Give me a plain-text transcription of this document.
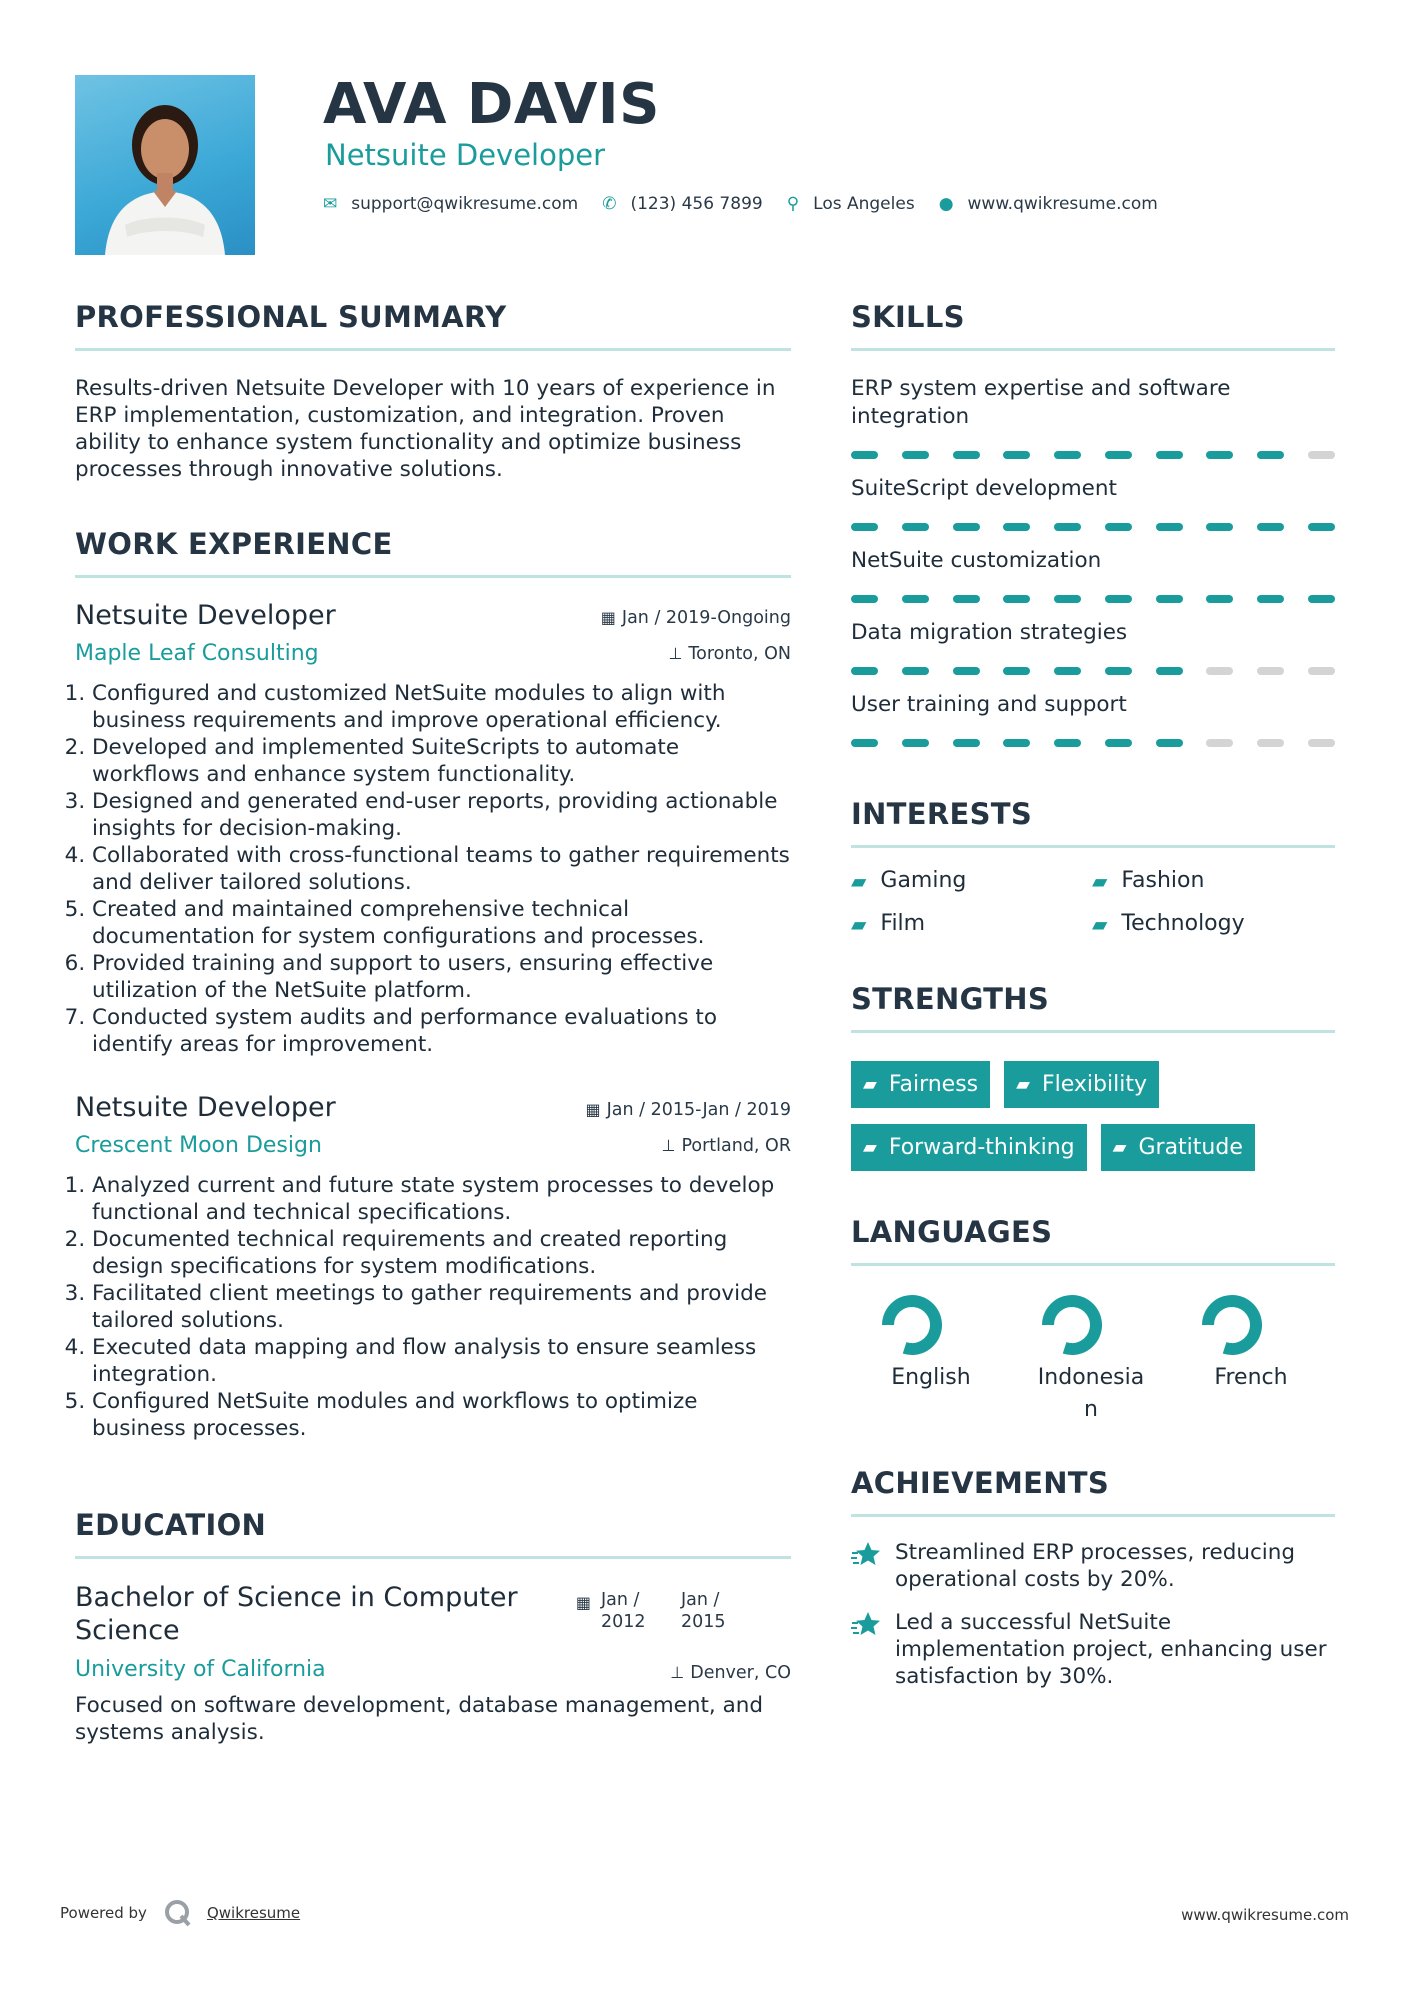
AVA DAVIS
Netsuite Developer
✉ support@qwikresume.com ✆ (123) 456 7899 ⚲ Los Angeles ● www.qwikresume.com
PROFESSIONAL SUMMARY

Results-driven Netsuite Developer with 10 years of experience in ERP implementation, customization, and integration. Proven ability to enhance system functionality and optimize business processes through innovative solutions.

WORK EXPERIENCE
Netsuite Developer
Maple Leaf Consulting
▦ Jan / 2019-Ongoing
⊥ Toronto, ON
1. Configured and customized NetSuite modules to align with business requirements and improve operational efficiency.
2. Developed and implemented SuiteScripts to automate workflows and enhance system functionality.
3. Designed and generated end-user reports, providing actionable insights for decision-making.
4. Collaborated with cross-functional teams to gather requirements and deliver tailored solutions.
5. Created and maintained comprehensive technical documentation for system configurations and processes.
6. Provided training and support to users, ensuring effective utilization of the NetSuite platform.
7. Conducted system audits and performance evaluations to identify areas for improvement.
Netsuite Developer
Crescent Moon Design
▦ Jan / 2015-Jan / 2019
⊥ Portland, OR
1. Analyzed current and future state system processes to develop functional and technical specifications.
2. Documented technical requirements and created reporting design specifications for system modifications.
3. Facilitated client meetings to gather requirements and provide tailored solutions.
4. Executed data mapping and flow analysis to ensure seamless integration.
5. Configured NetSuite modules and workflows to optimize business processes.
EDUCATION
Bachelor of Science in Computer Science
University of California
▦ Jan / 2012
Jan / 2015
⊥ Denver, CO

Focused on software development, database management, and systems analysis.

SKILLS
ERP system expertise and software integration
SuiteScript development
NetSuite customization
Data migration strategies
User training and support
INTERESTS
▰ Gaming	▰ Fashion
▰ Film	▰ Technology
STRENGTHS
▰ Fairness ▰ Flexibility
▰ Forward-thinking ▰ Gratitude
LANGUAGES
English	Indonesian
French
ACHIEVEMENTS
Streamlined ERP processes, reducing operational costs by 20%.
Led a successful NetSuite implementation project, enhancing user satisfaction by 30%.
Powered by	Qwikresume	www.qwikresume.com
